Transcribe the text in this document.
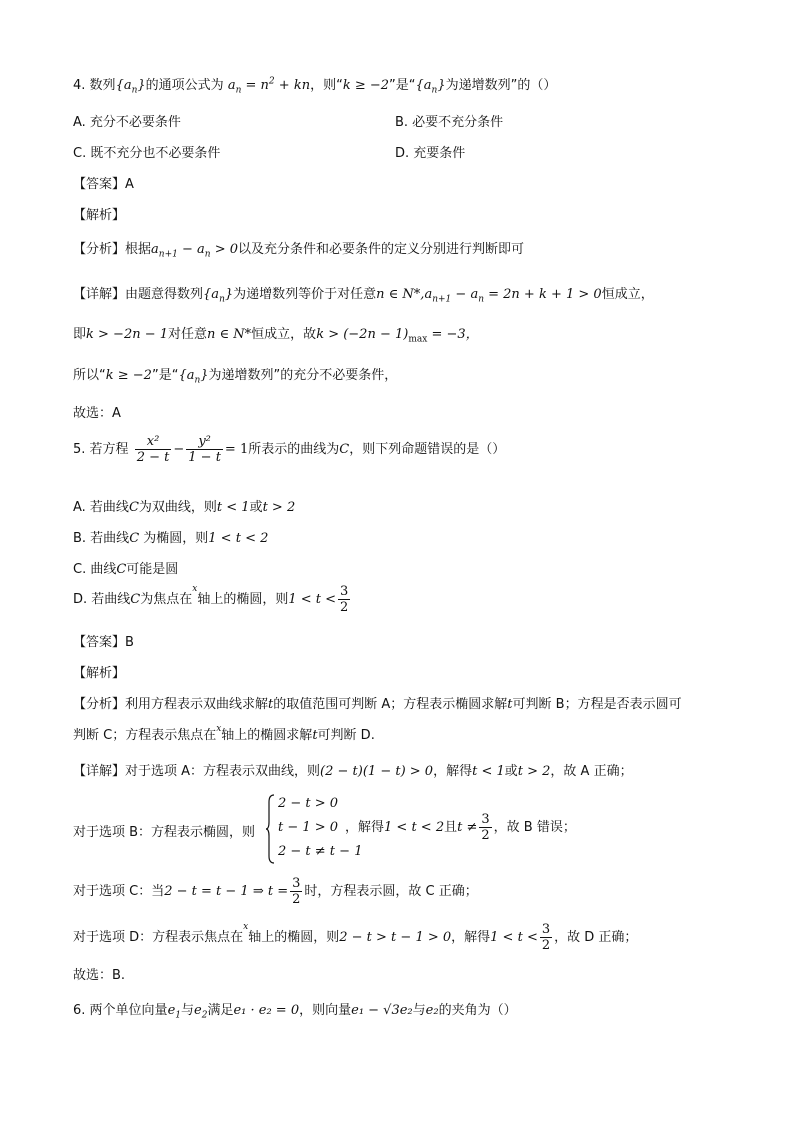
4. 数列$\{a_n\}$的通项公式为 $a_n = n^2$ + kn，则“k ≥ −2”是“$\{a_n\}$为递增数列”的（）
A. 充分不必要条件	B. 必要不充分条件
C. 既不充分也不必要条件	D. 充要条件
【答案】A
【解析】
【分析】根据$a_{n+1} - a_n > 0$以及充分条件和必要条件的定义分别进行判断即可
【详解】由题意得数列$\{a_n\}$为递增数列等价于对任意n ∈ $N*,a_{n+1} - a_n = 2n + k + 1 > 0$恒成立，
即k > −2n − 1对任意n ∈ N*恒成立，故$k > (-2n - 1)_{max} = -3$，
所以“k ≥ −2”是“$\{a_n\}$为递增数列”的充分不必要条件，
故选：A
5. 若方程 $\frac{\text{x²}}{2 - t} - \frac{\text{y²}}{1 - t} = 1$所表示的曲线为C，则下列命题错误的是（）
A. 若曲线C为双曲线，则t < 1或t > 2
B. 若曲线C 为椭圆，则1 < t < 2
C. 曲线C可能是圆
D. 若曲线C为焦点在$^x$轴上的椭圆，则$1 < t < \frac{3}{2}$
【答案】B
【解析】
【分析】利用方程表示双曲线求解t的取值范围可判断 A；方程表示椭圆求解t可判断 B；方程是否表示圆可
判断 C；方程表示焦点在$^x$轴上的椭圆求解t可判断 D.
【详解】对于选项 A：方程表示双曲线，则(2 − t)(1 − t) > 0，解得t < 1或t > 2，故 A 正确；
对于选项 B：方程表示椭圆，则
2 − t > 0
t − 1 > 0
2 − t ≠ t − 1
，解得1 < t < 2且$t \ne \frac{3}{2}$ ，故 B 错误；
对于选项 C：当2 − t = t − 1 ⇒ $t = \frac{3}{2}$ 时，方程表示圆，故 C 正确；
对于选项 D：方程表示焦点在$^x$轴上的椭圆，则2 − t > t − 1 > 0，解得$1 < t < \frac{3}{2}$ ，故 D 正确；
故选：B.
6. 两个单位向量$e_1$与$e_2$满足e₁ · e₂ = 0，则向量e₁ − √3e₂与e₂的夹角为（）
